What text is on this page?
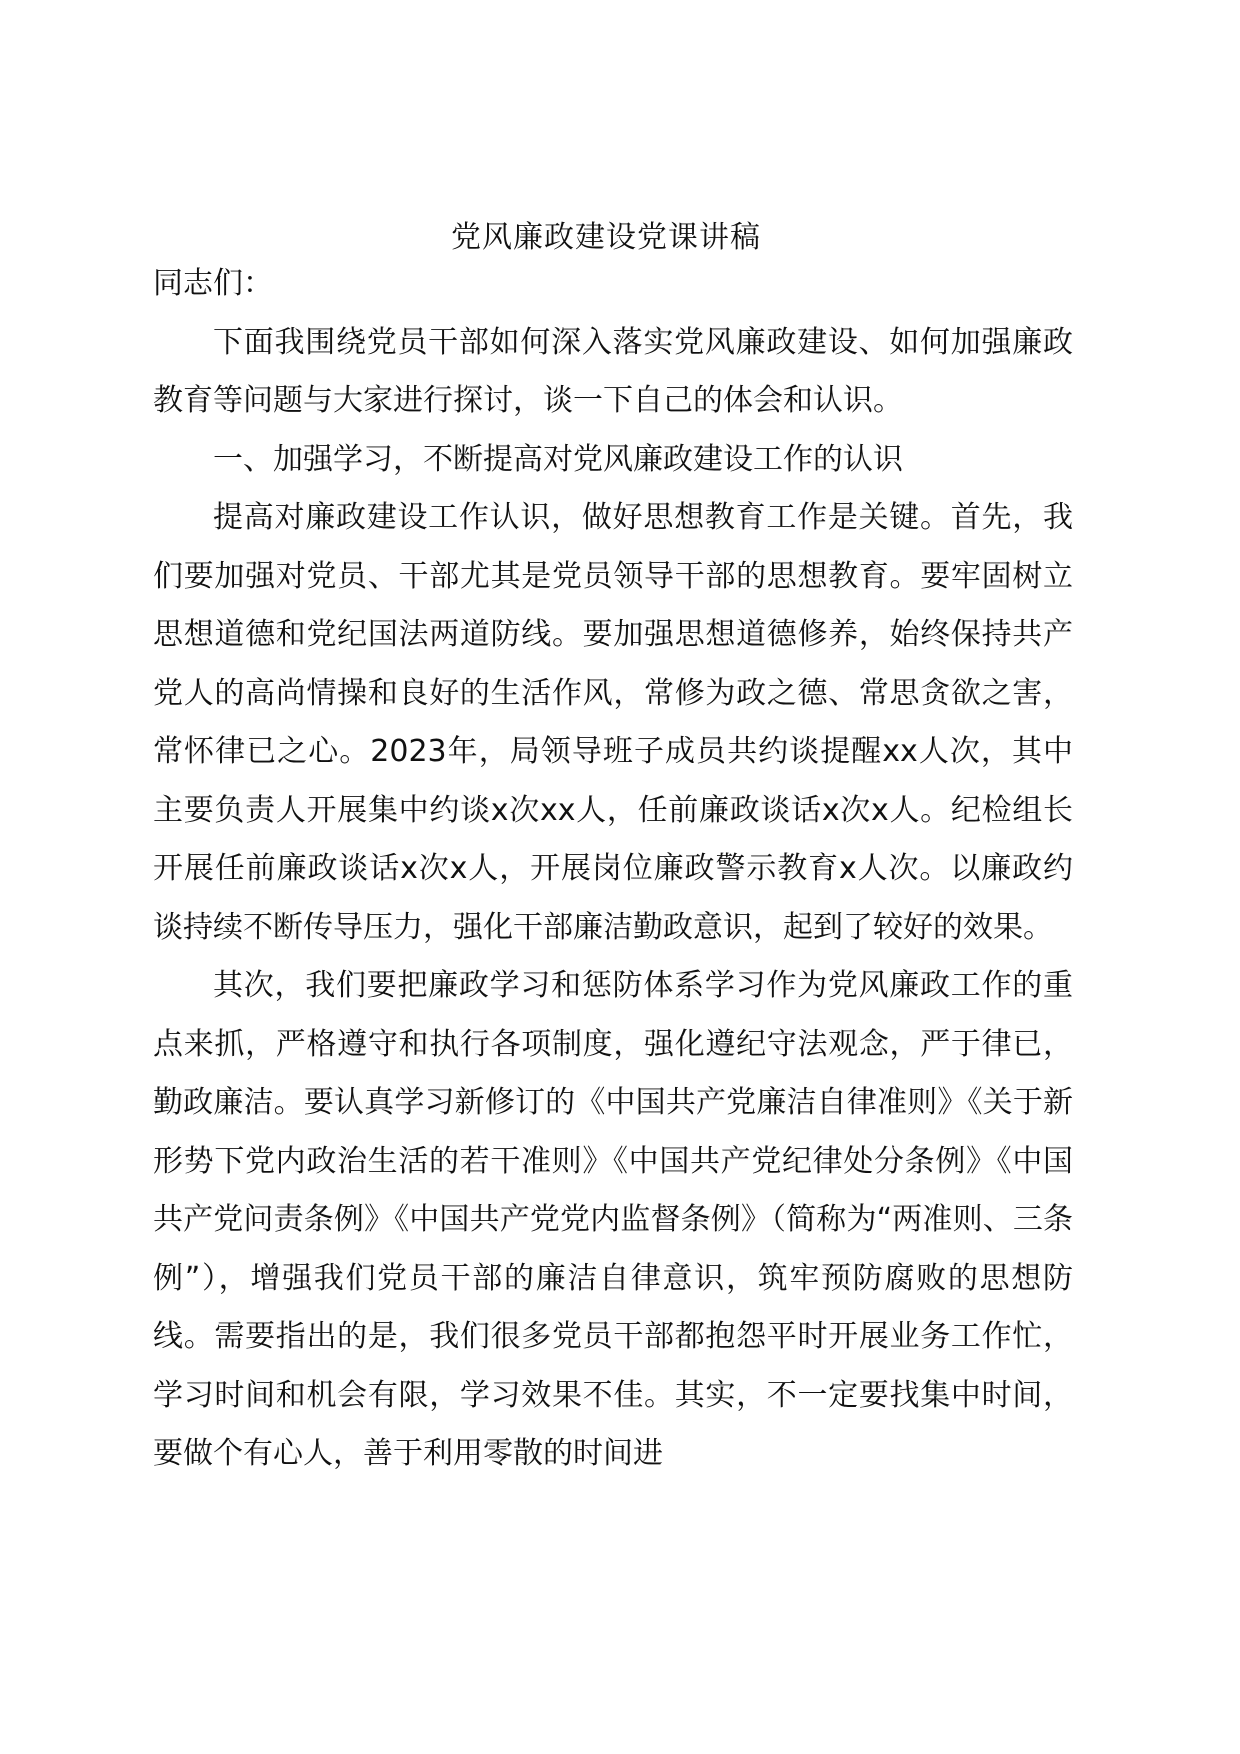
党风廉政建设党课讲稿

同志们：

下面我围绕党员干部如何深入落实党风廉政建设、如何加强廉政教育等问题与大家进行探讨，谈一下自己的体会和认识。

一、加强学习，不断提高对党风廉政建设工作的认识

提高对廉政建设工作认识，做好思想教育工作是关键。首先，我们要加强对党员、干部尤其是党员领导干部的思想教育。要牢固树立思想道德和党纪国法两道防线。要加强思想道德修养，始终保持共产党人的高尚情操和良好的生活作风，常修为政之德、常思贪欲之害，常怀律已之心。2023年，局领导班子成员共约谈提醒xx人次，其中主要负责人开展集中约谈x次xx人，任前廉政谈话x次x人。纪检组长开展任前廉政谈话x次x人，开展岗位廉政警示教育x人次。以廉政约谈持续不断传导压力，强化干部廉洁勤政意识，起到了较好的效果。

其次，我们要把廉政学习和惩防体系学习作为党风廉政工作的重点来抓，严格遵守和执行各项制度，强化遵纪守法观念，严于律已，勤政廉洁。要认真学习新修订的《中国共产党廉洁自律准则》《关于新形势下党内政治生活的若干准则》《中国共产党纪律处分条例》《中国共产党问责条例》《中国共产党党内监督条例》（简称为“两准则、三条例”），增强我们党员干部的廉洁自律意识，筑牢预防腐败的思想防线。需要指出的是，我们很多党员干部都抱怨平时开展业务工作忙，学习时间和机会有限，学习效果不佳。其实，不一定要找集中时间，要做个有心人，善于利用零散的时间进
